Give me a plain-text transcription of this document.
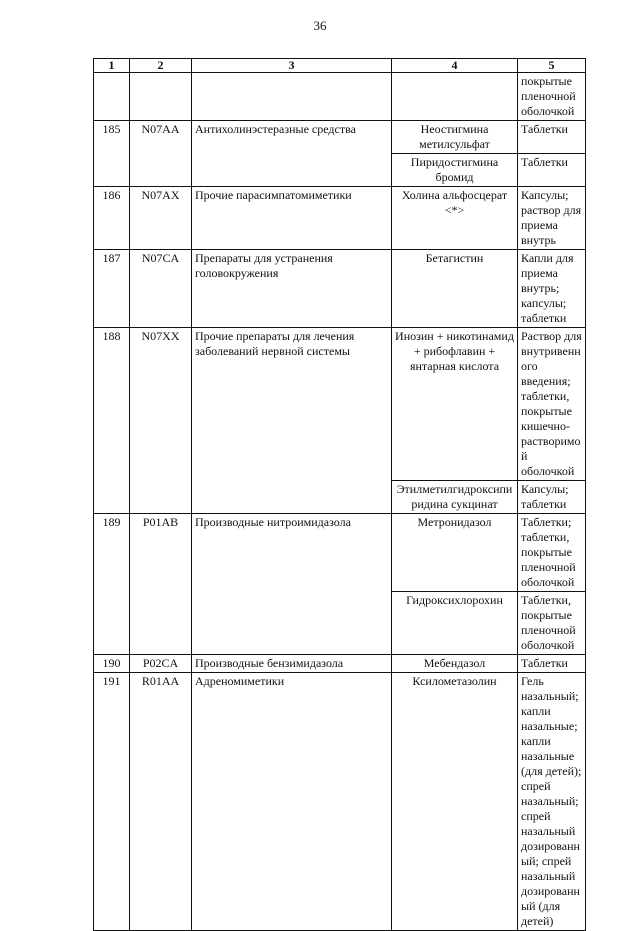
36
1	2	3	4	5
				покрытые пленочной оболочкой
185	N07AA	Антихолинэстеразные средства	Неостигмина метилсульфат	Таблетки
			Пиридостигмина бромид	Таблетки
186	N07AX	Прочие парасимпатомиметики	Холина альфосцерат <*>	Капсулы; раствор для приема внутрь
187	N07CA	Препараты для устранения головокружения	Бетагистин	Капли для приема внутрь; капсулы; таблетки
188	N07XX	Прочие препараты для лечения заболеваний нервной системы	Инозин + никотинамид + рибофлавин + янтарная кислота	Раствор для внутривенного введения; таблетки, покрытые кишечно-растворимой оболочкой
			Этилметилгидроксипиридина сукцинат	Капсулы; таблетки
189	P01AB	Производные нитроимидазола	Метронидазол	Таблетки; таблетки, покрытые пленочной оболочкой
			Гидроксихлорохин	Таблетки, покрытые пленочной оболочкой
190	P02CA	Производные бензимидазола	Мебендазол	Таблетки
191	R01AA	Адреномиметики	Ксилометазолин	Гель назальный; капли назальные; капли назальные (для детей); спрей назальный; спрей назальный дозированный; спрей назальный дозированный (для детей)
